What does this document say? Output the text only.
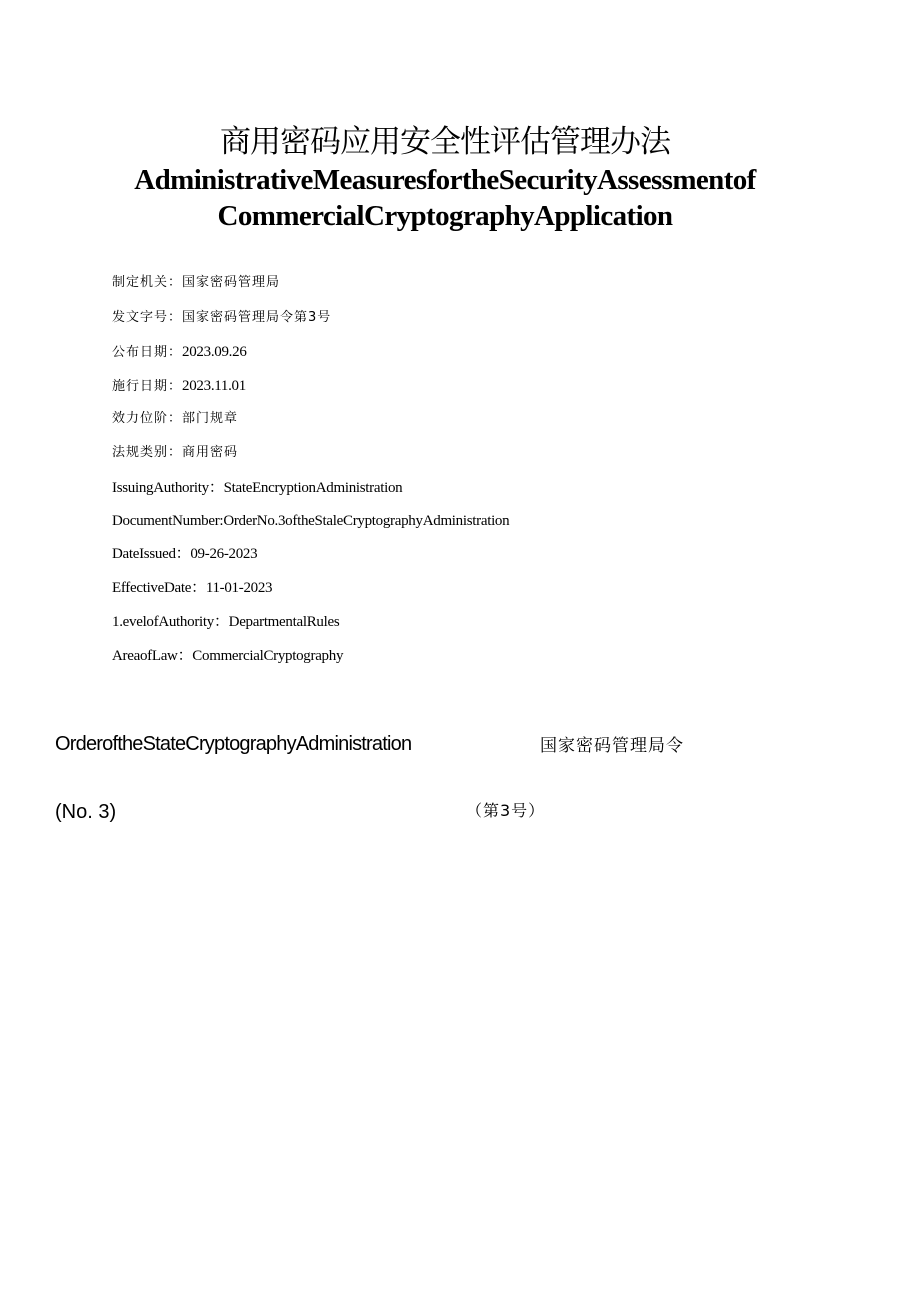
商用密码应用安全性评估管理办法
AdministrativeMeasuresfortheSecurityAssessmentof
CommercialCryptographyApplication
制定机关：国家密码管理局
发文字号：国家密码管理局令第3号
公布日期：2023.09.26
施行日期：2023.11.01
效力位阶：部门规章
法规类别：商用密码
IssuingAuthority：StateEncryptionAdministration
DocumentNumber:OrderNo.3oftheStaleCryptographyAdministration
DateIssued：09-26-2023
EffectiveDate：11-01-2023
1.evelofAuthority：DepartmentalRules
AreaofLaw：CommercialCryptography
OrderoftheStateCryptographyAdministration	国家密码管理局令
(No. 3)	（第3号）
